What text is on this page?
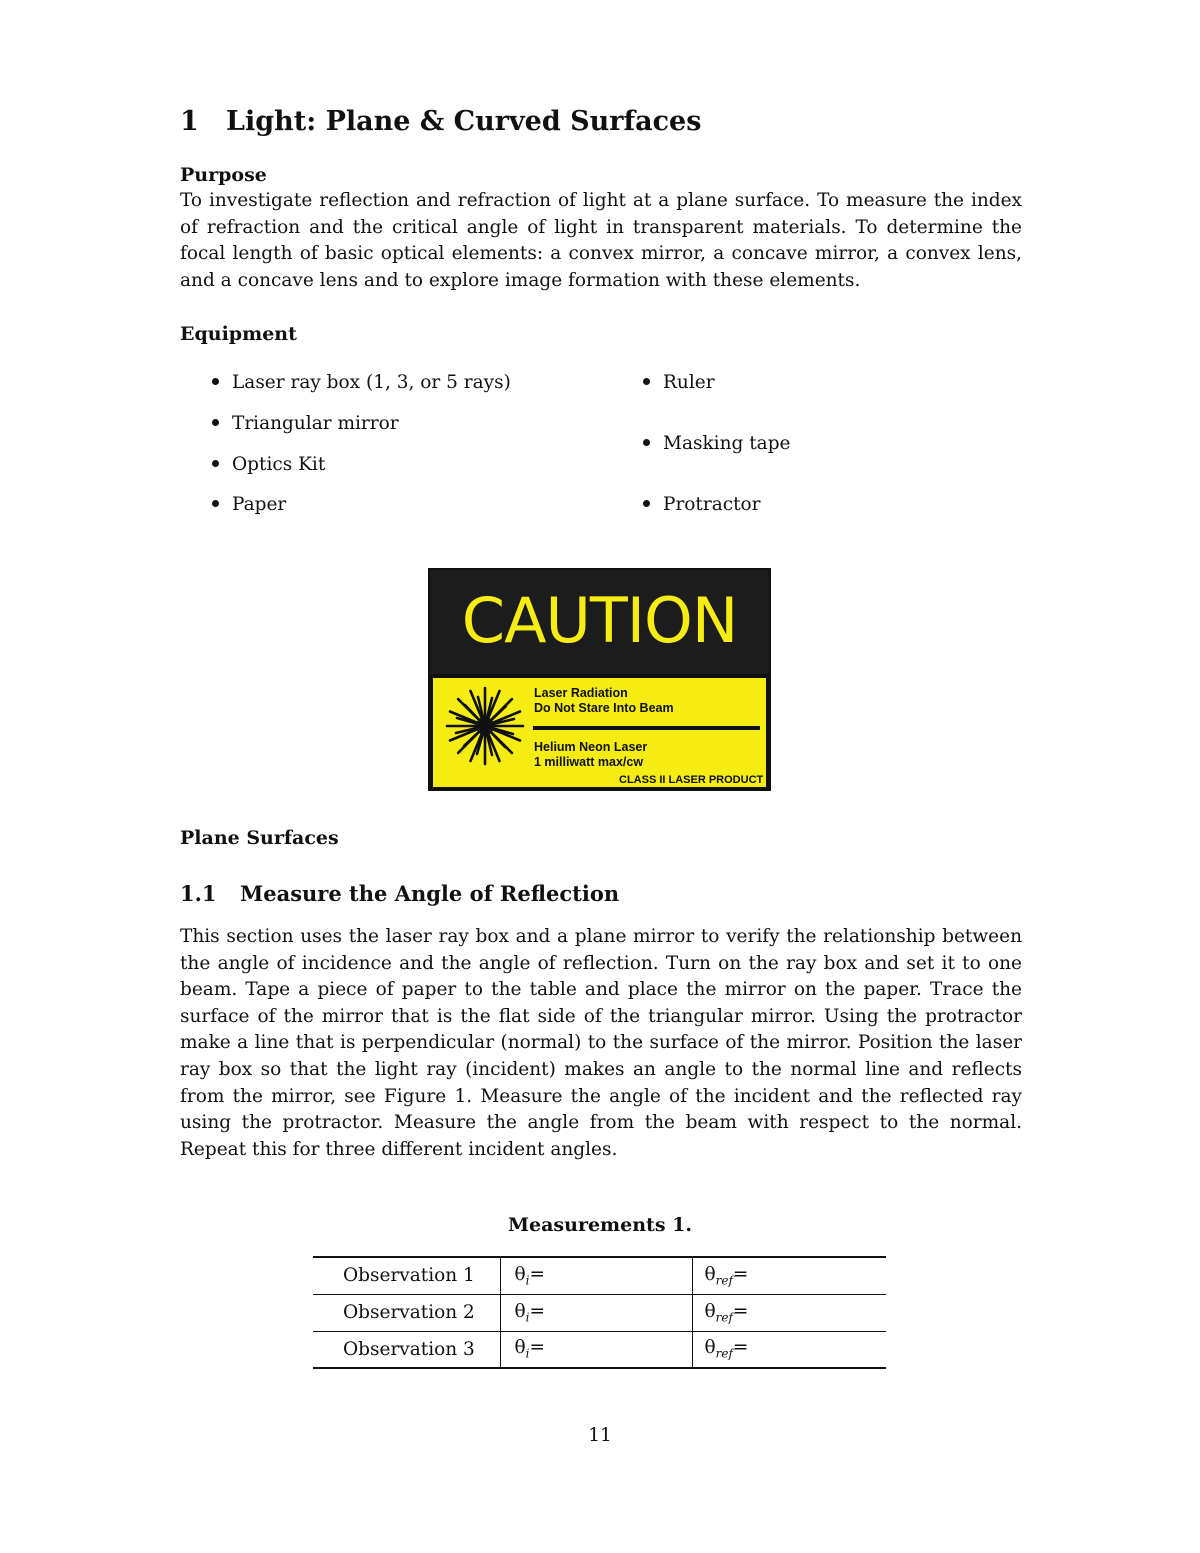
1 Light: Plane & Curved Surfaces
Purpose
To investigate reflection and refraction of light at a plane surface. To measure the index of refraction and the critical angle of light in transparent materials. To determine the focal length of basic optical elements: a convex mirror, a concave mirror, a convex lens, and a concave lens and to explore image formation with these elements.
Equipment
Laser ray box (1, 3, or 5 rays)
Triangular mirror
Optics Kit
Paper
Ruler
Masking tape
Protractor
CAUTION
Laser Radiation
Do Not Stare Into Beam
Helium Neon Laser
1 milliwatt max/cw
CLASS II LASER PRODUCT
Plane Surfaces
1.1 Measure the Angle of Reflection
This section uses the laser ray box and a plane mirror to verify the relationship between the angle of incidence and the angle of reflection. Turn on the ray box and set it to one beam. Tape a piece of paper to the table and place the mirror on the paper. Trace the surface of the mirror that is the flat side of the triangular mirror. Using the protractor make a line that is perpendicular (normal) to the surface of the mirror. Position the laser ray box so that the light ray (incident) makes an angle to the normal line and reflects from the mirror, see Figure 1. Measure the angle of the incident and the reflected ray using the protractor. Measure the angle from the beam with respect to the normal. Repeat this for three different incident angles.
Measurements 1.
Observation 1	$\theta_i=$	$\theta_{ref}=$
Observation 2	$\theta_i=$	$\theta_{ref}=$
Observation 3	$\theta_i=$	$\theta_{ref}=$
11
